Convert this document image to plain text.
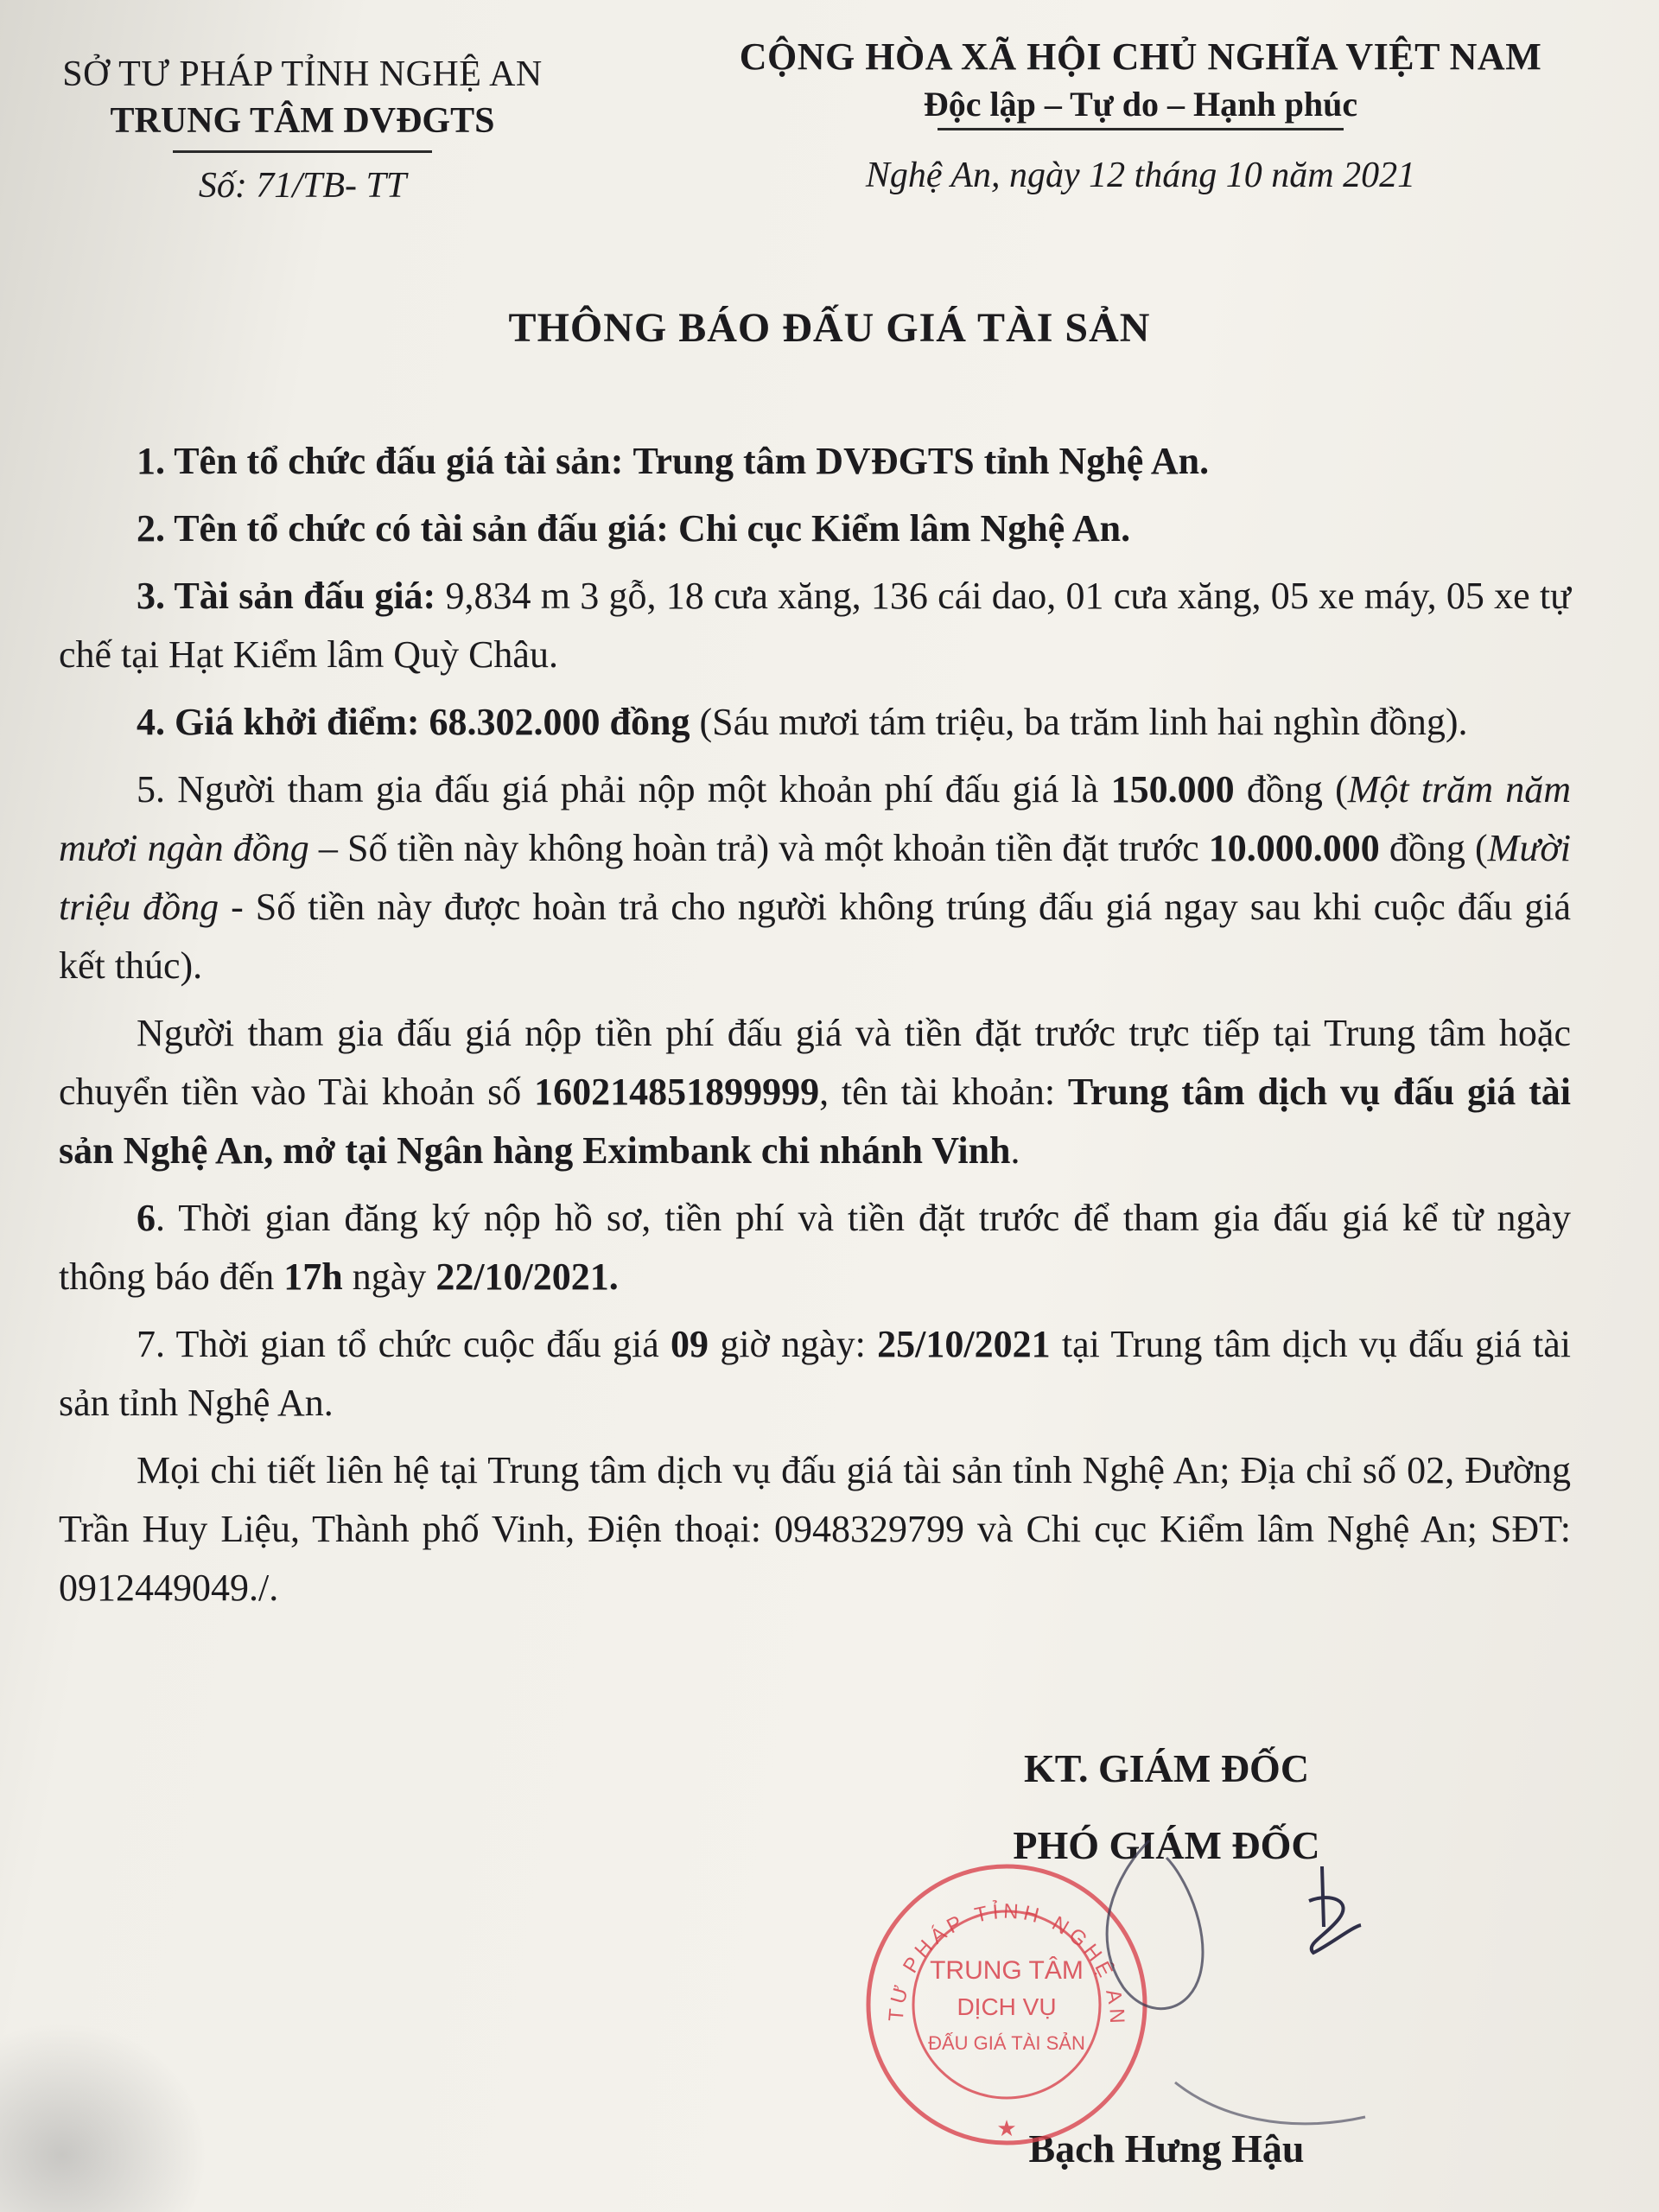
SỞ TƯ PHÁP TỈNH NGHỆ AN
TRUNG TÂM DVĐGTS
Số: 71/TB- TT
CỘNG HÒA XÃ HỘI CHỦ NGHĨA VIỆT NAM
Độc lập – Tự do – Hạnh phúc
Nghệ An, ngày 12 tháng 10 năm 2021
THÔNG BÁO ĐẤU GIÁ TÀI SẢN

1. Tên tổ chức đấu giá tài sản: Trung tâm DVĐGTS tỉnh Nghệ An.

2. Tên tổ chức có tài sản đấu giá: Chi cục Kiểm lâm Nghệ An.

3. Tài sản đấu giá: 9,834 m 3 gỗ, 18 cưa xăng, 136 cái dao, 01 cưa xăng, 05 xe máy, 05 xe tự chế tại Hạt Kiểm lâm Quỳ Châu.

4. Giá khởi điểm: 68.302.000 đồng (Sáu mươi tám triệu, ba trăm linh hai nghìn đồng).

5. Người tham gia đấu giá phải nộp một khoản phí đấu giá là 150.000 đồng (Một trăm năm mươi ngàn đồng – Số tiền này không hoàn trả) và một khoản tiền đặt trước 10.000.000 đồng (Mười triệu đồng - Số tiền này được hoàn trả cho người không trúng đấu giá ngay sau khi cuộc đấu giá kết thúc).

Người tham gia đấu giá nộp tiền phí đấu giá và tiền đặt trước trực tiếp tại Trung tâm hoặc chuyển tiền vào Tài khoản số 160214851899999, tên tài khoản: Trung tâm dịch vụ đấu giá tài sản Nghệ An, mở tại Ngân hàng Eximbank chi nhánh Vinh.

6. Thời gian đăng ký nộp hồ sơ, tiền phí và tiền đặt trước để tham gia đấu giá kể từ ngày thông báo đến 17h ngày 22/10/2021.

7. Thời gian tổ chức cuộc đấu giá 09 giờ ngày: 25/10/2021 tại Trung tâm dịch vụ đấu giá tài sản tỉnh Nghệ An.

Mọi chi tiết liên hệ tại Trung tâm dịch vụ đấu giá tài sản tỉnh Nghệ An; Địa chỉ số 02, Đường Trần Huy Liệu, Thành phố Vinh, Điện thoại: 0948329799 và Chi cục Kiểm lâm Nghệ An; SĐT: 0912449049./.

KT. GIÁM ĐỐC
PHÓ GIÁM ĐỐC
Bạch Hưng Hậu
TƯ PHÁP TỈNH NGHỆ AN
TRUNG TÂM
DỊCH VỤ
ĐẤU GIÁ TÀI SẢN
★
